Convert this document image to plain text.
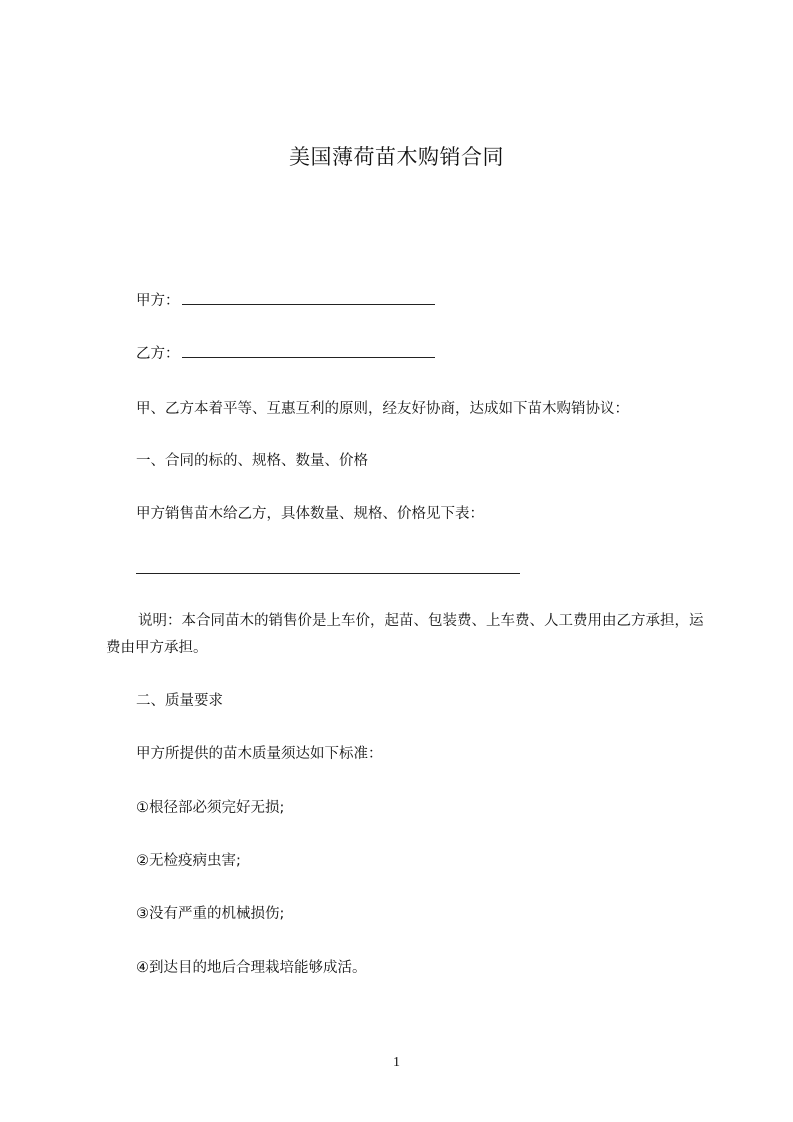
美国薄荷苗木购销合同
甲方：
乙方：
甲、乙方本着平等、互惠互利的原则，经友好协商，达成如下苗木购销协议：
一、合同的标的、规格、数量、价格
甲方销售苗木给乙方，具体数量、规格、价格见下表：
说明：本合同苗木的销售价是上车价，起苗、包装费、上车费、人工费用由乙方承担，运费由甲方承担。
二、质量要求
甲方所提供的苗木质量须达如下标准：
①根径部必须完好无损;
②无检疫病虫害;
③没有严重的机械损伤;
④到达目的地后合理栽培能够成活。
1
